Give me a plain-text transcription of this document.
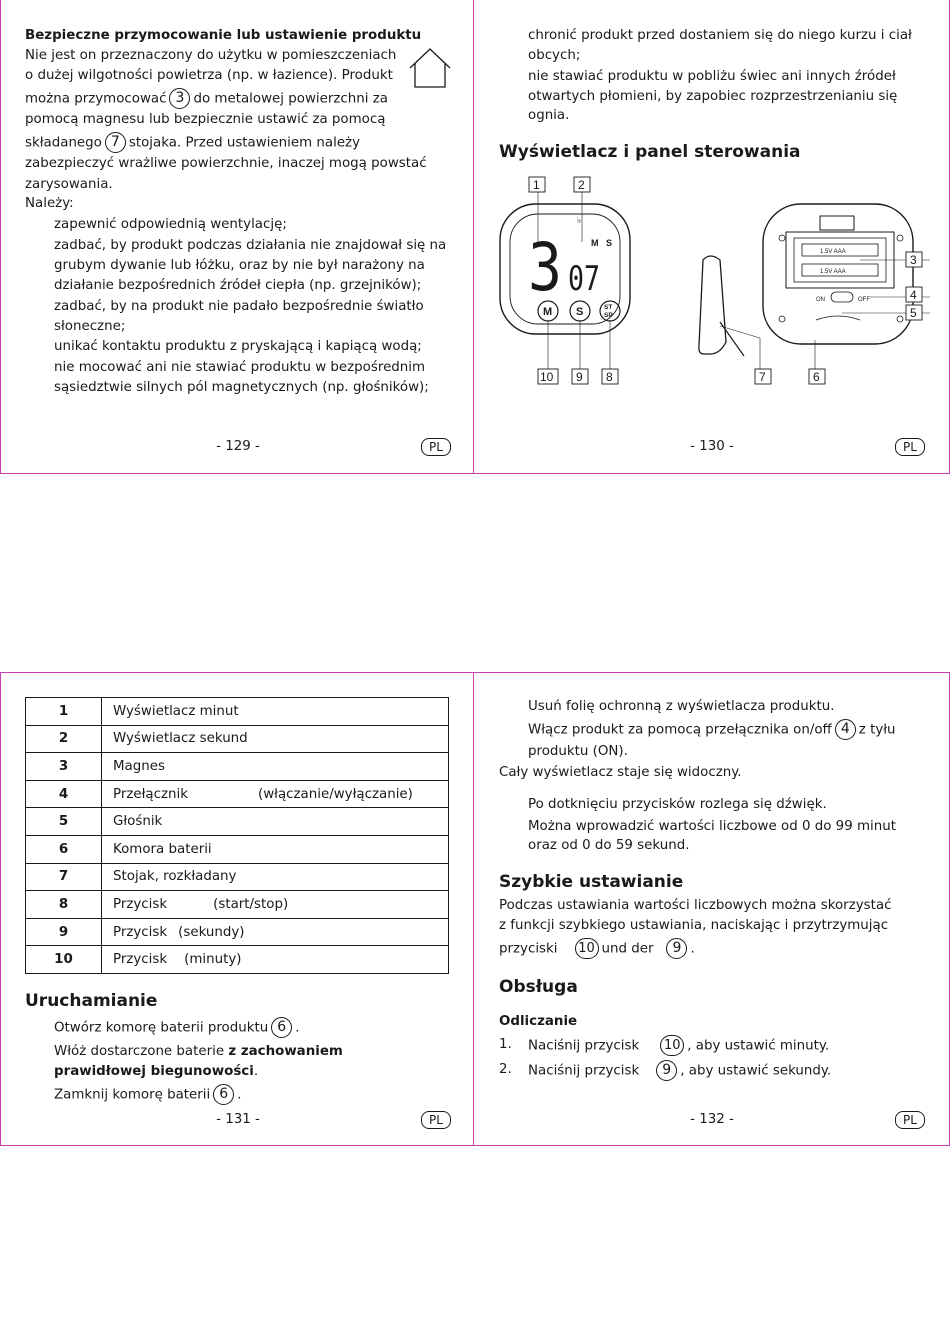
Bezpieczne przymocowanie lub ustawienie produktu
Nie jest on przeznaczony do użytku w pomieszczeniach
o dużej wilgotności powietrza (np. w łazience). Produkt
można przymocować 3 do metalowej powierzchni za
pomocą magnesu lub bezpiecznie ustawić za pomocą
składanego 7 stojaka. Przed ustawieniem należy
zabezpieczyć wrażliwe powierzchnie, inaczej mogą powstać
zarysowania.
Należy:
zapewnić odpowiednią wentylację;
zadbać, by produkt podczas działania nie znajdował się na
grubym dywanie lub łóżku, oraz by nie był narażony na
działanie bezpośrednich źródeł ciepła (np. grzejników);
zadbać, by na produkt nie padało bezpośrednie światło
słoneczne;
unikać kontaktu produktu z pryskającą i kapiącą wodą;
nie mocować ani nie stawiać produktu w bezpośrednim
sąsiedztwie silnych pól magnetycznych (np. głośników);
- 129 -	PL
chronić produkt przed dostaniem się do niego kurzu i ciał
obcych;
nie stawiać produktu w pobliżu świec ani innych źródeł
otwartych płomieni, by zapobiec rozprzestrzenianiu się
ognia.
Wyświetlacz i panel sterowania
♭
3 07
M S
M S	ST
SP
1.5V AAA
1.5V AAA
ON	OFF
1	2
3
4
5
6
7
8
9
10
- 130 -	PL
1	Wyświetlacz minut
2	Wyświetlacz sekund
3	Magnes
4	Przełącznik (włączanie/wyłączanie)
5	Głośnik
6	Komora baterii
7	Stojak, rozkładany
8	Przycisk (start/stop)
9	Przycisk (sekundy)
10	Przycisk (minuty)
Uruchamianie
Otwórz komorę baterii produktu 6 .
Włóż dostarczone baterie z zachowaniem
prawidłowej biegunowości.
Zamknij komorę baterii 6 .
- 131 -	PL
Usuń folię ochronną z wyświetlacza produktu.
Włącz produkt za pomocą przełącznika on/off 4 z tyłu
produktu (ON).
Cały wyświetlacz staje się widoczny.
Po dotknięciu przycisków rozlega się dźwięk.
Można wprowadzić wartości liczbowe od 0 do 99 minut
oraz od 0 do 59 sekund.
Szybkie ustawianie
Podczas ustawiania wartości liczbowych można skorzystać
z funkcji szybkiego ustawiania, naciskając i przytrzymując
przyciski 10 und der 9 .
Obsługa
Odliczanie
1. Naciśnij przycisk 10 , aby ustawić minuty.
2. Naciśnij przycisk 9 , aby ustawić sekundy.
- 132 -	PL
